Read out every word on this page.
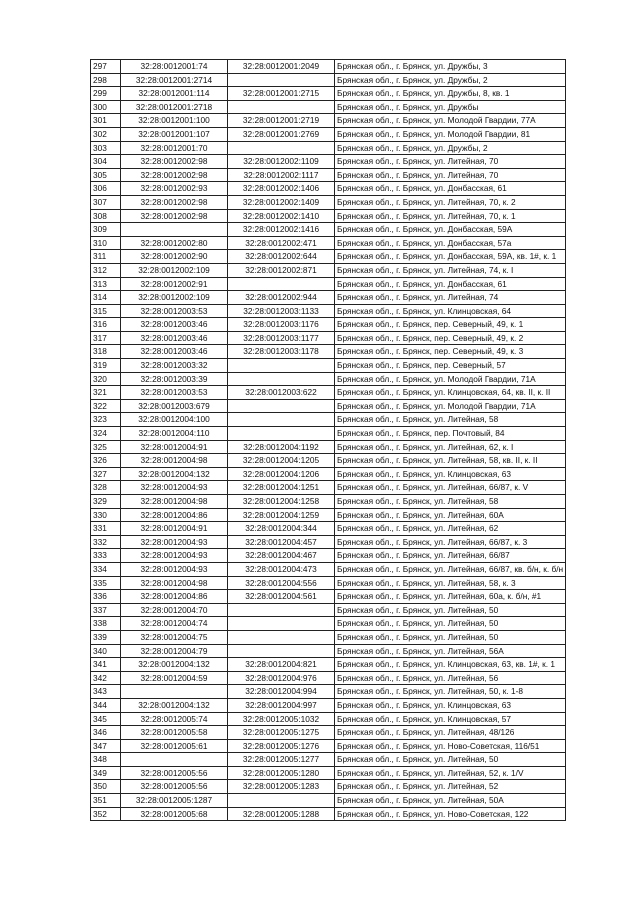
297	32:28:0012001:74	32:28:0012001:2049	Брянская обл., г. Брянск, ул. Дружбы, 3
298	32:28:0012001:2714		Брянская обл., г. Брянск, ул. Дружбы, 2
299	32:28:0012001:114	32:28:0012001:2715	Брянская обл., г. Брянск, ул. Дружбы, 8, кв. 1
300	32:28:0012001:2718		Брянская обл., г. Брянск, ул. Дружбы
301	32:28:0012001:100	32:28:0012001:2719	Брянская обл., г. Брянск, ул. Молодой Гвардии, 77А
302	32:28:0012001:107	32:28:0012001:2769	Брянская обл., г. Брянск, ул. Молодой Гвардии, 81
303	32:28:0012001:70		Брянская обл., г. Брянск, ул. Дружбы, 2
304	32:28:0012002:98	32:28:0012002:1109	Брянская обл., г. Брянск, ул. Литейная, 70
305	32:28:0012002:98	32:28:0012002:1117	Брянская обл., г. Брянск, ул. Литейная, 70
306	32:28:0012002:93	32:28:0012002:1406	Брянская обл., г. Брянск, ул. Донбасская, 61
307	32:28:0012002:98	32:28:0012002:1409	Брянская обл., г. Брянск, ул. Литейная, 70, к. 2
308	32:28:0012002:98	32:28:0012002:1410	Брянская обл., г. Брянск, ул. Литейная, 70, к. 1
309		32:28:0012002:1416	Брянская обл., г. Брянск, ул. Донбасская, 59А
310	32:28:0012002:80	32:28:0012002:471	Брянская обл., г. Брянск, ул. Донбасская, 57а
311	32:28:0012002:90	32:28:0012002:644	Брянская обл., г. Брянск, ул. Донбасская, 59А, кв. 1#, к. 1
312	32:28:0012002:109	32:28:0012002:871	Брянская обл., г. Брянск, ул. Литейная, 74, к. I
313	32:28:0012002:91		Брянская обл., г. Брянск, ул. Донбасская, 61
314	32:28:0012002:109	32:28:0012002:944	Брянская обл., г. Брянск, ул. Литейная, 74
315	32:28:0012003:53	32:28:0012003:1133	Брянская обл., г. Брянск, ул. Клинцовская, 64
316	32:28:0012003:46	32:28:0012003:1176	Брянская обл., г. Брянск, пер. Северный, 49, к. 1
317	32:28:0012003:46	32:28:0012003:1177	Брянская обл., г. Брянск, пер. Северный, 49, к. 2
318	32:28:0012003:46	32:28:0012003:1178	Брянская обл., г. Брянск, пер. Северный, 49, к. 3
319	32:28:0012003:32		Брянская обл., г. Брянск, пер. Северный, 57
320	32:28:0012003:39		Брянская обл., г. Брянск, ул. Молодой Гвардии, 71А
321	32:28:0012003:53	32:28:0012003:622	Брянская обл., г. Брянск, ул. Клинцовская, 64, кв. II, к. II
322	32:28:0012003:679		Брянская обл., г. Брянск, ул. Молодой Гвардии, 71А
323	32:28:0012004:100		Брянская обл., г. Брянск, ул. Литейная, 58
324	32:28:0012004:110		Брянская обл., г. Брянск, пер. Почтовый, 84
325	32:28:0012004:91	32:28:0012004:1192	Брянская обл., г. Брянск, ул. Литейная, 62, к. I
326	32:28:0012004:98	32:28:0012004:1205	Брянская обл., г. Брянск, ул. Литейная, 58, кв. II, к. II
327	32:28:0012004:132	32:28:0012004:1206	Брянская обл., г. Брянск, ул. Клинцовская, 63
328	32:28:0012004:93	32:28:0012004:1251	Брянская обл., г. Брянск, ул. Литейная, 66/87, к. V
329	32:28:0012004:98	32:28:0012004:1258	Брянская обл., г. Брянск, ул. Литейная, 58
330	32:28:0012004:86	32:28:0012004:1259	Брянская обл., г. Брянск, ул. Литейная, 60А
331	32:28:0012004:91	32:28:0012004:344	Брянская обл., г. Брянск, ул. Литейная, 62
332	32:28:0012004:93	32:28:0012004:457	Брянская обл., г. Брянск, ул. Литейная, 66/87, к. 3
333	32:28:0012004:93	32:28:0012004:467	Брянская обл., г. Брянск, ул. Литейная, 66/87
334	32:28:0012004:93	32:28:0012004:473	Брянская обл., г. Брянск, ул. Литейная, 66/87, кв. б/н, к. б/н
335	32:28:0012004:98	32:28:0012004:556	Брянская обл., г. Брянск, ул. Литейная, 58, к. 3
336	32:28:0012004:86	32:28:0012004:561	Брянская обл., г. Брянск, ул. Литейная, 60а, к. б/н, #1
337	32:28:0012004:70		Брянская обл., г. Брянск, ул. Литейная, 50
338	32:28:0012004:74		Брянская обл., г. Брянск, ул. Литейная, 50
339	32:28:0012004:75		Брянская обл., г. Брянск, ул. Литейная, 50
340	32:28:0012004:79		Брянская обл., г. Брянск, ул. Литейная, 56А
341	32:28:0012004:132	32:28:0012004:821	Брянская обл., г. Брянск, ул. Клинцовская, 63, кв. 1#, к. 1
342	32:28:0012004:59	32:28:0012004:976	Брянская обл., г. Брянск, ул. Литейная, 56
343		32:28:0012004:994	Брянская обл., г. Брянск, ул. Литейная, 50, к. 1-8
344	32:28:0012004:132	32:28:0012004:997	Брянская обл., г. Брянск, ул. Клинцовская, 63
345	32:28:0012005:74	32:28:0012005:1032	Брянская обл., г. Брянск, ул. Клинцовская, 57
346	32:28:0012005:58	32:28:0012005:1275	Брянская обл., г. Брянск, ул. Литейная, 48/126
347	32:28:0012005:61	32:28:0012005:1276	Брянская обл., г. Брянск, ул. Ново-Советская, 116/51
348		32:28:0012005:1277	Брянская обл., г. Брянск, ул. Литейная, 50
349	32:28:0012005:56	32:28:0012005:1280	Брянская обл., г. Брянск, ул. Литейная, 52, к. 1/V
350	32:28:0012005:56	32:28:0012005:1283	Брянская обл., г. Брянск, ул. Литейная, 52
351	32:28:0012005:1287		Брянская обл., г. Брянск, ул. Литейная, 50А
352	32:28:0012005:68	32:28:0012005:1288	Брянская обл., г. Брянск, ул. Ново-Советская, 122
